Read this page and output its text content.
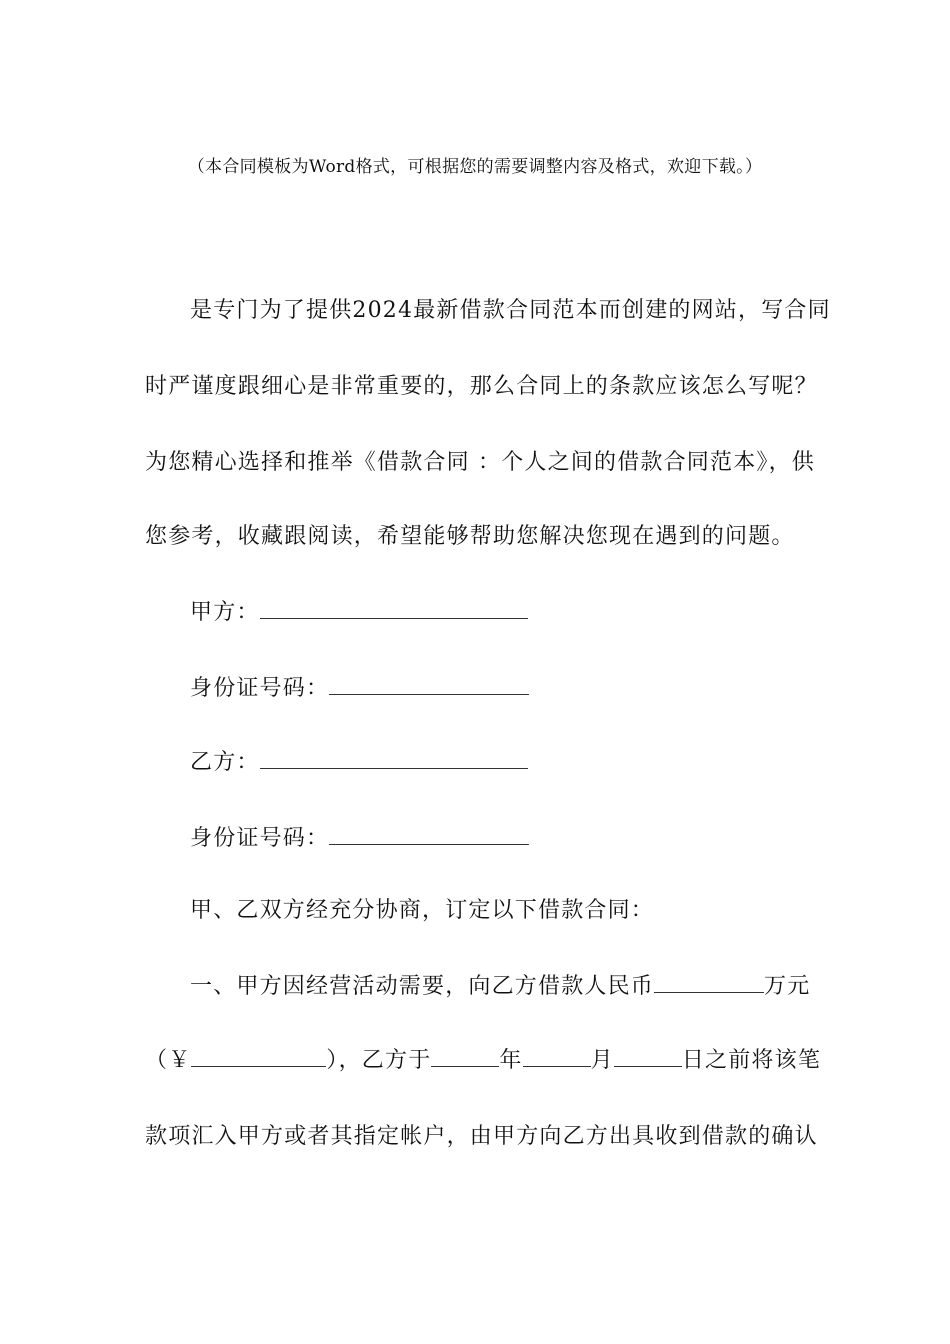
（本合同模板为Word格式，可根据您的需要调整内容及格式，欢迎下载。）
是专门为了提供2024最新借款合同范本而创建的网站，写合同
时严谨度跟细心是非常重要的，那么合同上的条款应该怎么写呢？
为您精心选择和推举《借款合同 ：个人之间的借款合同范本》，供
您参考，收藏跟阅读，希望能够帮助您解决您现在遇到的问题。
甲方：
身份证号码：
乙方：
身份证号码：
甲、乙双方经充分协商，订定以下借款合同：
一、甲方因经营活动需要，向乙方借款人民币	万元
（￥	），乙方于	年	月	日之前将该笔
款项汇入甲方或者其指定帐户，由甲方向乙方出具收到借款的确认
